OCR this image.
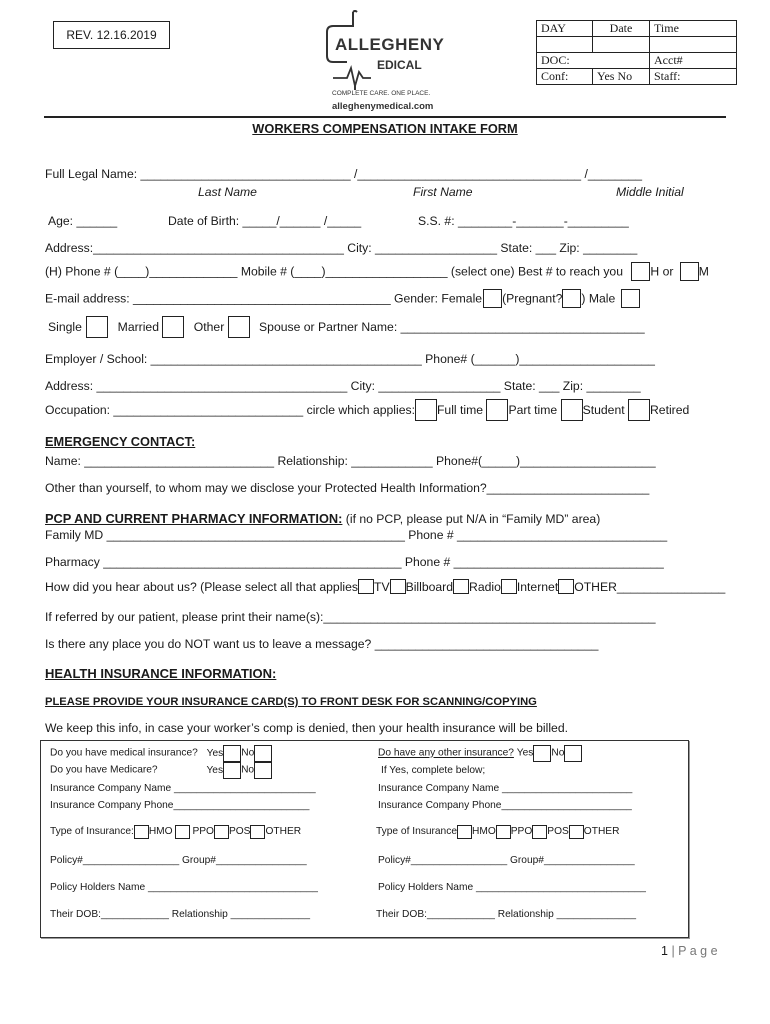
REV. 12.16.2019	ALLEGHENY
EDICAL
COMPLETE CARE. ONE PLACE.
alleghenymedical.com
DAY	Date	Time

DOC:		Acct#
Conf:	Yes No	Staff:
WORKERS COMPENSATION INTAKE FORM
Full Legal Name: _______________________________ /_________________________________ /________
Last Name	First Name	Middle Initial
Age: ______	Date of Birth: _____/______ /_____	S.S. #: ________-_______-_________
Address:_____________________________________ City: __________________ State: ___ Zip: ________
(H) Phone # (____)_____________ Mobile # (____)__________________ (select one) Best # to reach you H or M
E-mail address: ______________________________________ Gender: Female (Pregnant? ) Male
Single	Married	Other	Spouse or Partner Name: ____________________________________
Employer / School: ________________________________________ Phone# (______)____________________
Address: _____________________________________ City: __________________ State: ___ Zip: ________
Occupation: ____________________________ circle which applies: Full time Part time Student Retired
EMERGENCY CONTACT:
Name: ____________________________ Relationship: ____________ Phone#(_____)____________________
Other than yourself, to whom may we disclose your Protected Health Information?________________________
PCP AND CURRENT PHARMACY INFORMATION: (if no PCP, please put N/A in “Family MD” area)
Family MD ____________________________________________ Phone # _______________________________
Pharmacy ____________________________________________ Phone # _______________________________
How did you hear about us? (Please select all that applies TV Billboard Radio Internet OTHER________________
If referred by our patient, please print their name(s):_________________________________________________
Is there any place you do NOT want us to leave a message? _________________________________
HEALTH INSURANCE INFORMATION:
PLEASE PROVIDE YOUR INSURANCE CARD(S) TO FRONT DESK FOR SCANNING/COPYING
We keep this info, in case your worker’s comp is denied, then your health insurance will be billed.
Do you have medical insurance? Yes No
Do you have Medicare?	Yes No
Insurance Company Name _________________________
Insurance Company Phone________________________
Type of Insurance: HMO PPO POS OTHER
Policy#_________________ Group#________________
Policy Holders Name ______________________________
Their DOB:____________ Relationship ______________
Do have any other insurance? Yes No
If Yes, complete below;
Insurance Company Name _______________________
Insurance Company Phone_______________________
Type of Insurance HMO PPO POS OTHER
Policy#_________________ Group#________________
Policy Holders Name ______________________________
Their DOB:____________ Relationship ______________
1 | P a g e
